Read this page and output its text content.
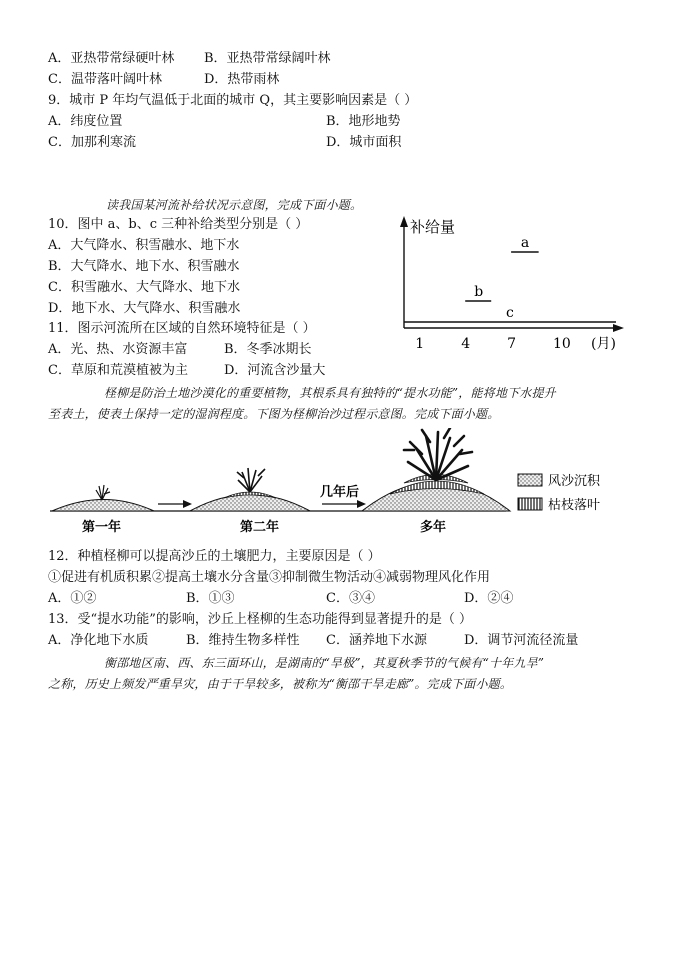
A．亚热带常绿硬叶林 B．亚热带常绿阔叶林
C．温带落叶阔叶林	D．热带雨林
9．城市 P 年均气温低于北面的城市 Q，其主要影响因素是（ ）
A．纬度位置	B．地形地势
C．加那利寒流	D．城市面积
读我国某河流补给状况示意图，完成下面小题。
10．图中 a、b、c 三种补给类型分别是（ ）
A．大气降水、积雪融水、地下水
B．大气降水、地下水、积雪融水
C．积雪融水、大气降水、地下水
D．地下水、大气降水、积雪融水
11．图示河流所在区域的自然环境特征是（ ）
A．光、热、水资源丰富	B．冬季冰期长
C．草原和荒漠植被为主	D．河流含沙量大
补给量
(月)
1	4	7	10
a
b
c
柽柳是防治土地沙漠化的重要植物，其根系具有独特的“提水功能”，能将地下水提升
至表土，使表土保持一定的湿润程度。下图为柽柳治沙过程示意图。完成下面小题。
第一年	第二年
几年后
多年
风沙沉积
枯枝落叶
12．种植柽柳可以提高沙丘的土壤肥力，主要原因是（ ）
①促进有机质积累②提高土壤水分含量③抑制微生物活动④减弱物理风化作用
A．①②	B．①③	C．③④	D．②④
13．受“提水功能”的影响，沙丘上柽柳的生态功能得到显著提升的是（ ）
A．净化地下水质	B．维持生物多样性 C．涵养地下水源	D．调节河流径流量
衡邵地区南、西、东三面环山，是湖南的“旱极”，其夏秋季节的气候有“十年九旱”
之称，历史上频发严重旱灾，由于干旱较多，被称为“衡邵干旱走廊”。完成下面小题。
